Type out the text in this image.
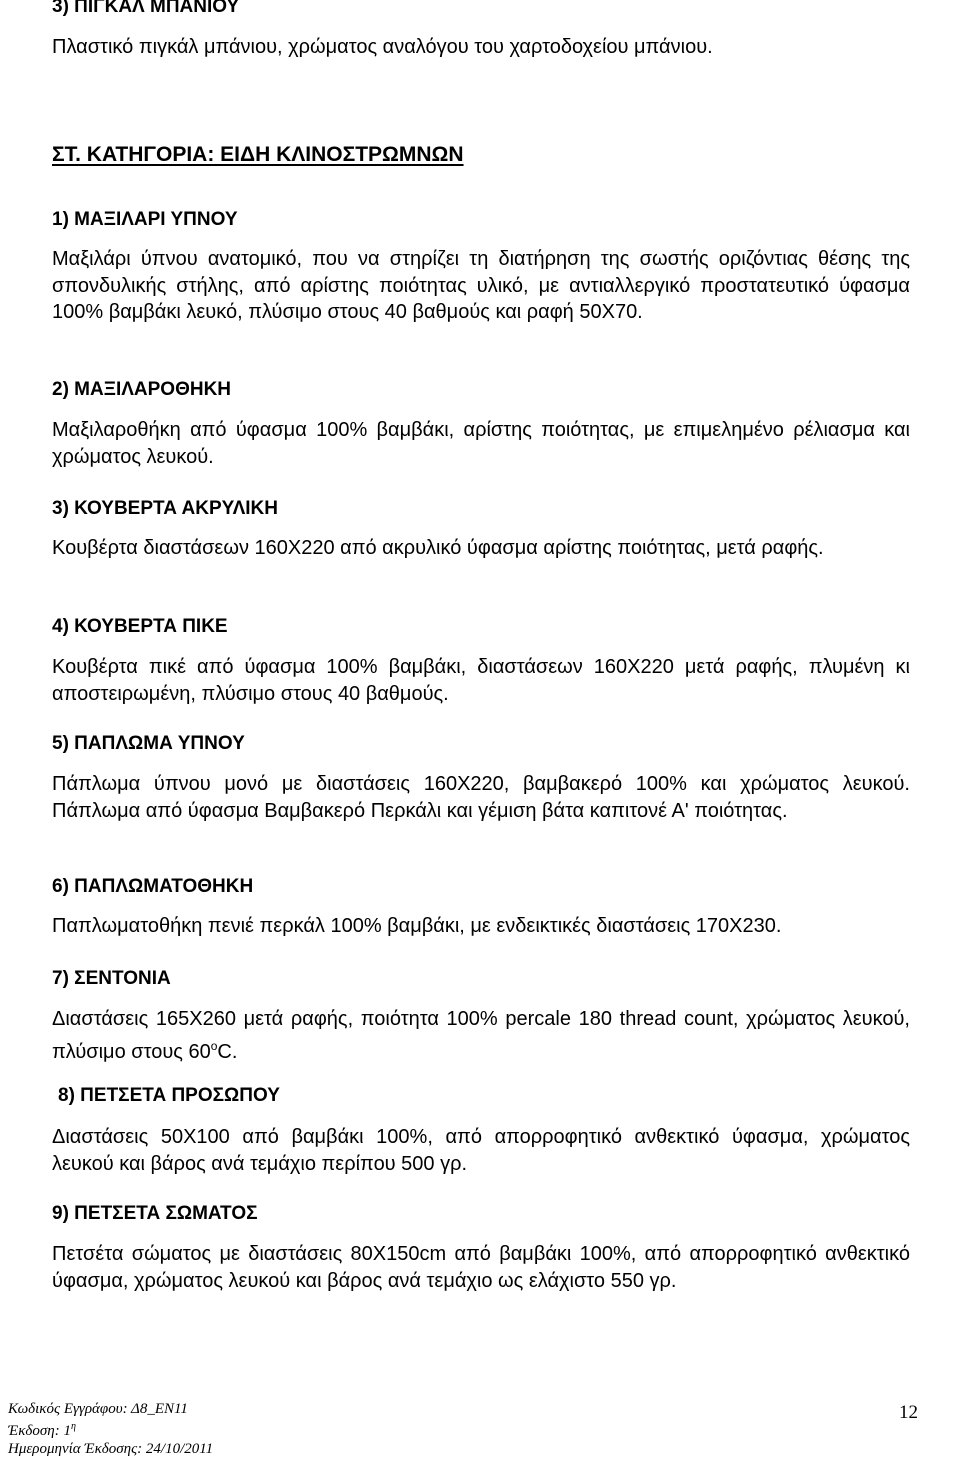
3) ΠΙΓΚΑΛ ΜΠΑΝΙΟΥ

Πλαστικό πιγκάλ μπάνιου, χρώματος αναλόγου του χαρτοδοχείου μπάνιου.

ΣΤ. ΚΑΤΗΓΟΡΙΑ: ΕΙΔΗ ΚΛΙΝΟΣΤΡΩΜΝΩΝ
1) ΜΑΞΙΛΑΡΙ ΥΠΝΟΥ

Μαξιλάρι ύπνου ανατομικό, που να στηρίζει τη διατήρηση της σωστής οριζόντιας θέσης της σπονδυλικής στήλης, από αρίστης ποιότητας υλικό, με αντιαλλεργικό προστατευτικό ύφασμα 100% βαμβάκι λευκό, πλύσιμο στους 40 βαθμούς και ραφή 50Χ70.

2) ΜΑΞΙΛΑΡΟΘΗΚΗ

Μαξιλαροθήκη από ύφασμα 100% βαμβάκι, αρίστης ποιότητας, με επιμελημένο ρέλιασμα και χρώματος λευκού.

3) ΚΟΥΒΕΡΤΑ ΑΚΡΥΛΙΚΗ

Κουβέρτα διαστάσεων 160Χ220 από ακρυλικό ύφασμα αρίστης ποιότητας, μετά ραφής.

4) ΚΟΥΒΕΡΤΑ ΠΙΚΕ

Κουβέρτα πικέ από ύφασμα 100% βαμβάκι, διαστάσεων 160Χ220 μετά ραφής, πλυμένη κι αποστειρωμένη, πλύσιμο στους 40 βαθμούς.

5) ΠΑΠΛΩΜΑ ΥΠΝΟΥ

Πάπλωμα ύπνου μονό με διαστάσεις 160Χ220, βαμβακερό 100% και χρώματος λευκού. Πάπλωμα από ύφασμα Βαμβακερό Περκάλι και γέμιση βάτα καπιτονέ Α' ποιότητας.

6) ΠΑΠΛΩΜΑΤΟΘΗΚΗ

Παπλωματοθήκη πενιέ περκάλ 100% βαμβάκι, με ενδεικτικές διαστάσεις 170Χ230.

7) ΣΕΝΤΟΝΙΑ

Διαστάσεις 165Χ260 μετά ραφής, ποιότητα 100% percale 180 thread count, χρώματος λευκού, πλύσιμο στους $60^oC$.

8) ΠΕΤΣΕΤΑ ΠΡΟΣΩΠΟΥ

Διαστάσεις 50Χ100 από βαμβάκι 100%, από απορροφητικό ανθεκτικό ύφασμα, χρώματος λευκού και βάρος ανά τεμάχιο περίπου 500 γρ.

9) ΠΕΤΣΕΤΑ ΣΩΜΑΤΟΣ

Πετσέτα σώματος με διαστάσεις 80Χ150cm από βαμβάκι 100%, από απορροφητικό ανθεκτικό ύφασμα, χρώματος λευκού και βάρος ανά τεμάχιο ως ελάχιστο 550 γρ.

Κωδικός Εγγράφου: Δ8_ΕΝ11
Έκδοση: $1^\eta$
Ημερομηνία Έκδοσης: 24/10/2011
12
